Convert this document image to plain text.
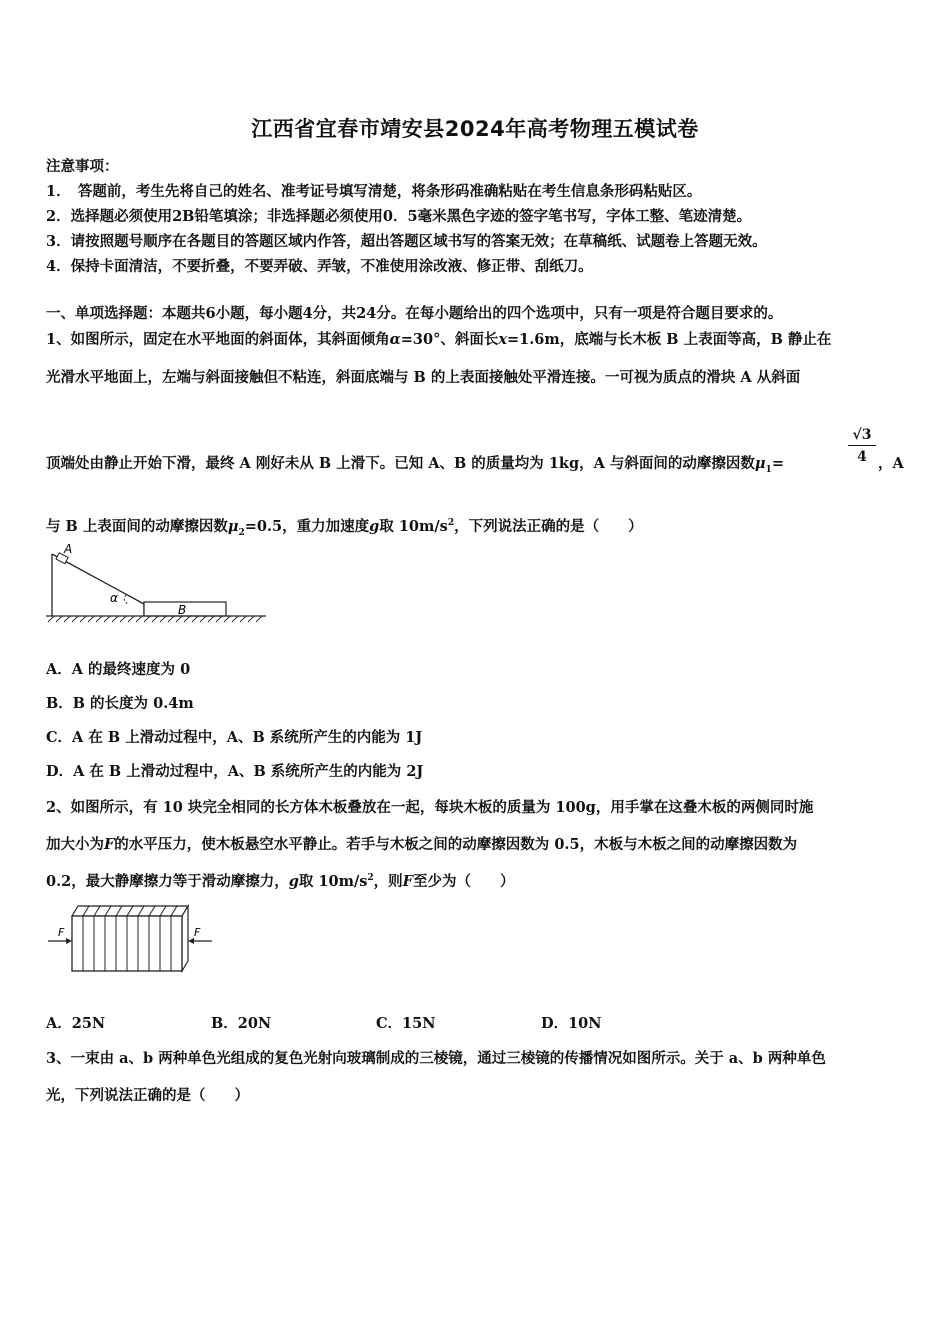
江西省宜春市靖安县2024年高考物理五模试卷
注意事项：
1．　答题前，考生先将自己的姓名、准考证号填写清楚，将条形码准确粘贴在考生信息条形码粘贴区。
2．选择题必须使用2B铅笔填涂；非选择题必须使用0．5毫米黑色字迹的签字笔书写，字体工整、笔迹清楚。
3．请按照题号顺序在各题目的答题区域内作答，超出答题区域书写的答案无效；在草稿纸、试题卷上答题无效。
4．保持卡面清洁，不要折叠，不要弄破、弄皱，不准使用涂改液、修正带、刮纸刀。
一、单项选择题：本题共6小题，每小题4分，共24分。在每小题给出的四个选项中，只有一项是符合题目要求的。
1、如图所示，固定在水平地面的斜面体，其斜面倾角α=30°、斜面长x=1.6m，底端与长木板 B 上表面等高，B 静止在
光滑水平地面上，左端与斜面接触但不粘连，斜面底端与 B 的上表面接触处平滑连接。一可视为质点的滑块 A 从斜面
顶端处由静止开始下滑，最终 A 刚好未从 B 上滑下。已知 A、B 的质量均为 1kg，A 与斜面间的动摩擦因数$\mu_1=$	$\frac{√3}{4}$ ，A
与 B 上表面间的动摩擦因数$\mu_2=0.5$，重力加速度g取 $10m/s^2$，下列说法正确的是（　　）
A
α
B
A．A 的最终速度为 0
B．B 的长度为 0.4m
C．A 在 B 上滑动过程中，A、B 系统所产生的内能为 1J
D．A 在 B 上滑动过程中，A、B 系统所产生的内能为 2J
2、如图所示，有 10 块完全相同的长方体木板叠放在一起，每块木板的质量为 100g，用手掌在这叠木板的两侧同时施
加大小为F的水平压力，使木板悬空水平静止。若手与木板之间的动摩擦因数为 0.5，木板与木板之间的动摩擦因数为
0.2，最大静摩擦力等于滑动摩擦力，g取 $10m/s^2$，则F至少为（　　）
F	F
A．25N	B．20N	C．15N	D．10N
3、一束由 a、b 两种单色光组成的复色光射向玻璃制成的三棱镜，通过三棱镜的传播情况如图所示。关于 a、b 两种单色
光，下列说法正确的是（　　）
